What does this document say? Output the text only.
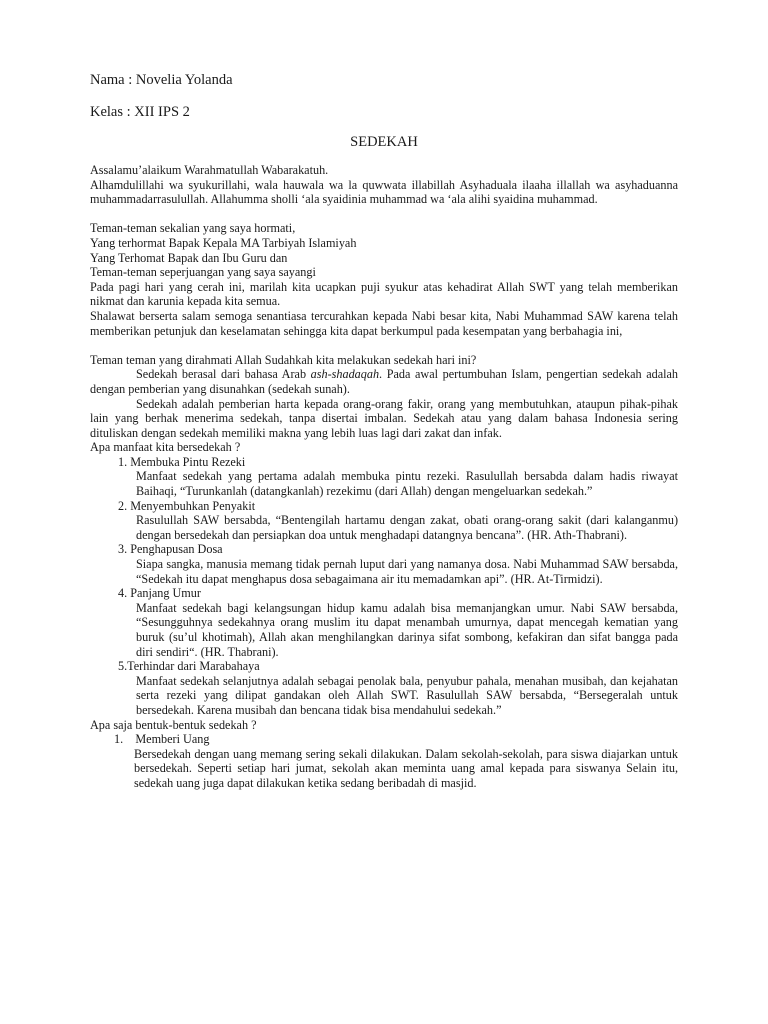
Nama : Novelia Yolanda
Kelas : XII IPS 2
SEDEKAH

Assalamu’alaikum Warahmatullah Wabarakatuh.

Alhamdulillahi wa syukurillahi, wala hauwala wa la quwwata illabillah Asyhaduala ilaaha illallah wa asyhaduanna muhammadarrasulullah. Allahumma sholli ‘ala syaidinia muhammad wa ‘ala alihi syaidina muhammad.

Teman-teman sekalian yang saya hormati,

Yang terhormat Bapak Kepala MA Tarbiyah Islamiyah

Yang Terhomat Bapak dan Ibu Guru dan

Teman-teman seperjuangan yang saya sayangi

Pada pagi hari yang cerah ini, marilah kita ucapkan puji syukur atas kehadirat Allah SWT yang telah memberikan nikmat dan karunia kepada kita semua.

Shalawat berserta salam semoga senantiasa tercurahkan kepada Nabi besar kita, Nabi Muhammad SAW karena telah memberikan petunjuk dan keselamatan sehingga kita dapat berkumpul pada kesempatan yang berbahagia ini,

Teman teman yang dirahmati Allah Sudahkah kita melakukan sedekah hari ini?

Sedekah berasal dari bahasa Arab ash-shadaqah. Pada awal pertumbuhan Islam, pengertian sedekah adalah dengan pemberian yang disunahkan (sedekah sunah).

Sedekah adalah pemberian harta kepada orang-orang fakir, orang yang membutuhkan, ataupun pihak-pihak lain yang berhak menerima sedekah, tanpa disertai imbalan. Sedekah atau yang dalam bahasa Indonesia sering dituliskan dengan sedekah memiliki makna yang lebih luas lagi dari zakat dan infak.

Apa manfaat kita bersedekah ?

1. Membuka Pintu Rezeki

Manfaat sedekah yang pertama adalah membuka pintu rezeki. Rasulullah bersabda dalam hadis riwayat Baihaqi, “Turunkanlah (datangkanlah) rezekimu (dari Allah) dengan mengeluarkan sedekah.”

2. Menyembuhkan Penyakit

Rasulullah SAW bersabda, “Bentengilah hartamu dengan zakat, obati orang-orang sakit (dari kalanganmu) dengan bersedekah dan persiapkan doa untuk menghadapi datangnya bencana”. (HR. Ath-Thabrani).

3. Penghapusan Dosa

Siapa sangka, manusia memang tidak pernah luput dari yang namanya dosa. Nabi Muhammad SAW bersabda, “Sedekah itu dapat menghapus dosa sebagaimana air itu memadamkan api”. (HR. At-Tirmidzi).

4. Panjang Umur

Manfaat sedekah bagi kelangsungan hidup kamu adalah bisa memanjangkan umur. Nabi SAW bersabda, “Sesungguhnya sedekahnya orang muslim itu dapat menambah umurnya, dapat mencegah kematian yang buruk (su’ul khotimah), Allah akan menghilangkan darinya sifat sombong, kefakiran dan sifat bangga pada diri sendiri“. (HR. Thabrani).

5.Terhindar dari Marabahaya

Manfaat sedekah selanjutnya adalah sebagai penolak bala, penyubur pahala, menahan musibah, dan kejahatan serta rezeki yang dilipat gandakan oleh Allah SWT. Rasulullah SAW bersabda, “Bersegeralah untuk bersedekah. Karena musibah dan bencana tidak bisa mendahului sedekah.”

Apa saja bentuk-bentuk sedekah ?

1.    Memberi Uang

Bersedekah dengan uang memang sering sekali dilakukan. Dalam sekolah-sekolah, para siswa diajarkan untuk bersedekah. Seperti setiap hari jumat, sekolah akan meminta uang amal kepada para siswanya Selain itu, sedekah uang juga dapat dilakukan ketika sedang beribadah di masjid.
